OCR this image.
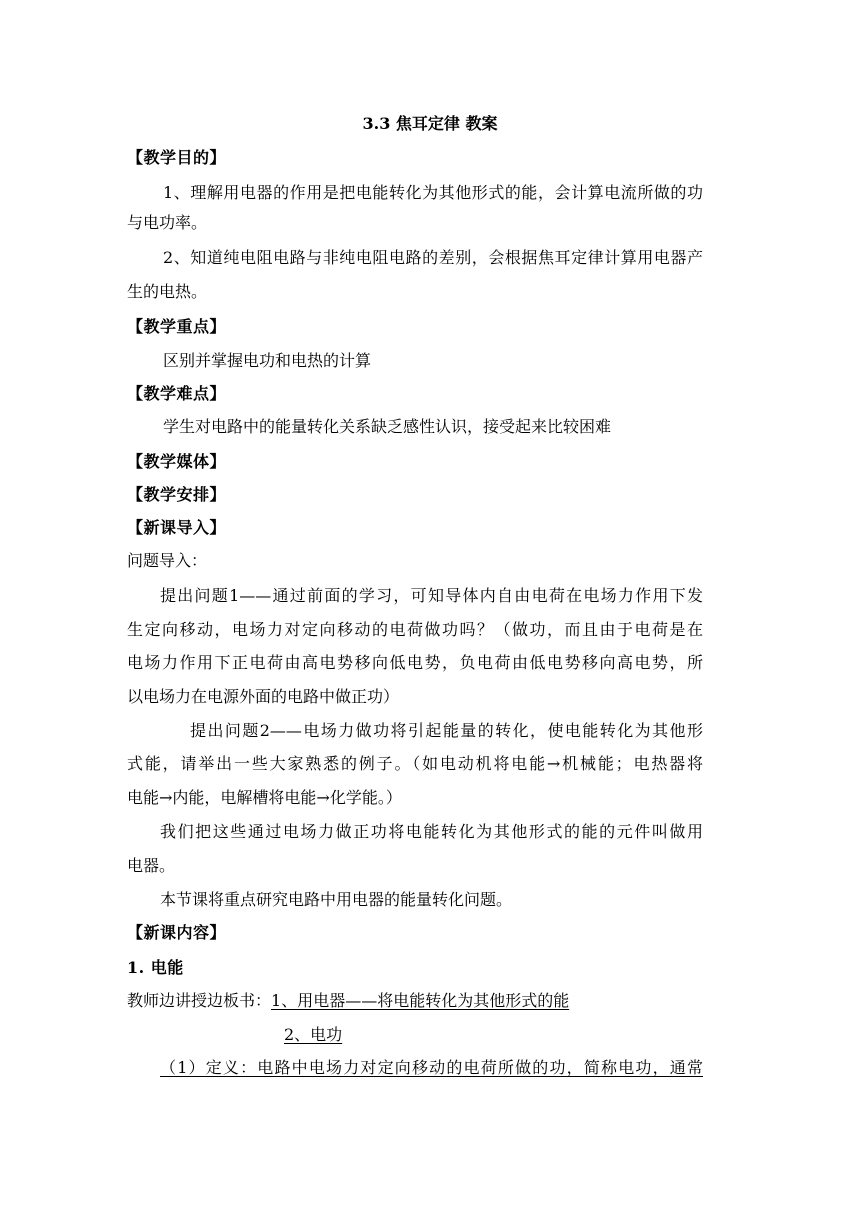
3.3 焦耳定律 教案
【教学目的】
1、理解用电器的作用是把电能转化为其他形式的能，会计算电流所做的功
与电功率。
2、知道纯电阻电路与非纯电阻电路的差别，会根据焦耳定律计算用电器产
生的电热。
【教学重点】
区别并掌握电功和电热的计算
【教学难点】
学生对电路中的能量转化关系缺乏感性认识，接受起来比较困难
【教学媒体】
【教学安排】
【新课导入】
问题导入：
提出问题1——通过前面的学习，可知导体内自由电荷在电场力作用下发
生定向移动，电场力对定向移动的电荷做功吗？（做功，而且由于电荷是在
电场力作用下正电荷由高电势移向低电势，负电荷由低电势移向高电势，所
以电场力在电源外面的电路中做正功）
提出问题2——电场力做功将引起能量的转化，使电能转化为其他形
式能，请举出一些大家熟悉的例子。（如电动机将电能→机械能；电热器将
电能→内能，电解槽将电能→化学能。）
我们把这些通过电场力做正功将电能转化为其他形式的能的元件叫做用
电器。
本节课将重点研究电路中用电器的能量转化问题。
【新课内容】
1. 电能
教师边讲授边板书：1、用电器——将电能转化为其他形式的能
2、电功
（1）定义：电路中电场力对定向移动的电荷所做的功，简称电功，通常
